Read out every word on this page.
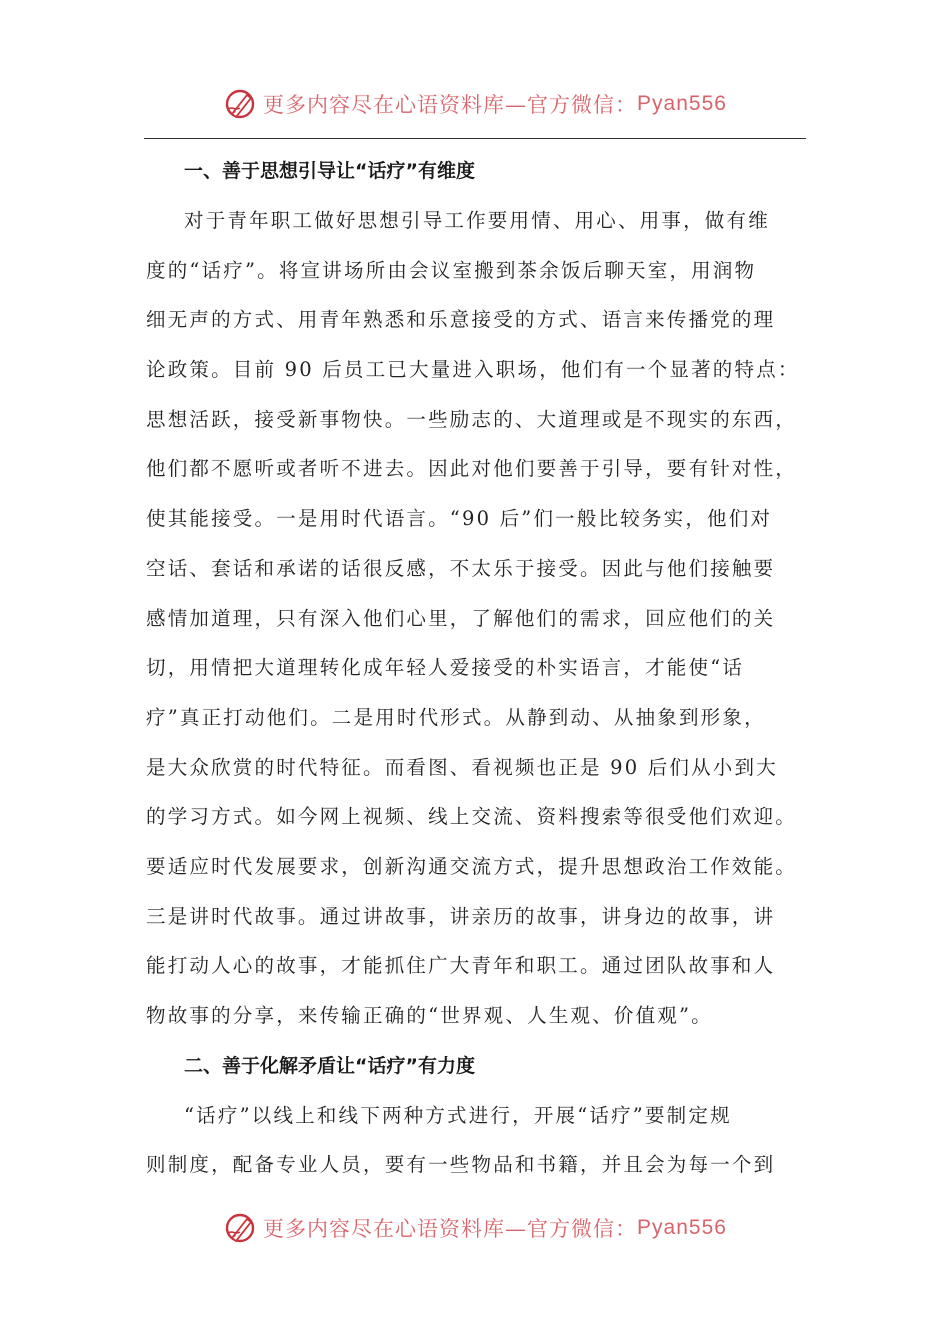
更多内容尽在心语资料库—官方微信： Pyan556
一、善于思想引导让“话疗”有维度
对于青年职工做好思想引导工作要用情、用心、用事，做有维
度的“话疗”。将宣讲场所由会议室搬到茶余饭后聊天室，用润物
细无声的方式、用青年熟悉和乐意接受的方式、语言来传播党的理
论政策。目前 90 后员工已大量进入职场，他们有一个显著的特点：
思想活跃，接受新事物快。一些励志的、大道理或是不现实的东西，
他们都不愿听或者听不进去。因此对他们要善于引导，要有针对性，
使其能接受。一是用时代语言。“90 后”们一般比较务实，他们对
空话、套话和承诺的话很反感，不太乐于接受。因此与他们接触要
感情加道理，只有深入他们心里，了解他们的需求，回应他们的关
切，用情把大道理转化成年轻人爱接受的朴实语言，才能使“话
疗”真正打动他们。二是用时代形式。从静到动、从抽象到形象，
是大众欣赏的时代特征。而看图、看视频也正是 90 后们从小到大
的学习方式。如今网上视频、线上交流、资料搜索等很受他们欢迎。
要适应时代发展要求，创新沟通交流方式，提升思想政治工作效能。
三是讲时代故事。通过讲故事，讲亲历的故事，讲身边的故事，讲
能打动人心的故事，才能抓住广大青年和职工。通过团队故事和人
物故事的分享，来传输正确的“世界观、人生观、价值观”。
二、善于化解矛盾让“话疗”有力度
“话疗”以线上和线下两种方式进行，开展“话疗”要制定规
则制度，配备专业人员，要有一些物品和书籍，并且会为每一个到
更多内容尽在心语资料库—官方微信： Pyan556
